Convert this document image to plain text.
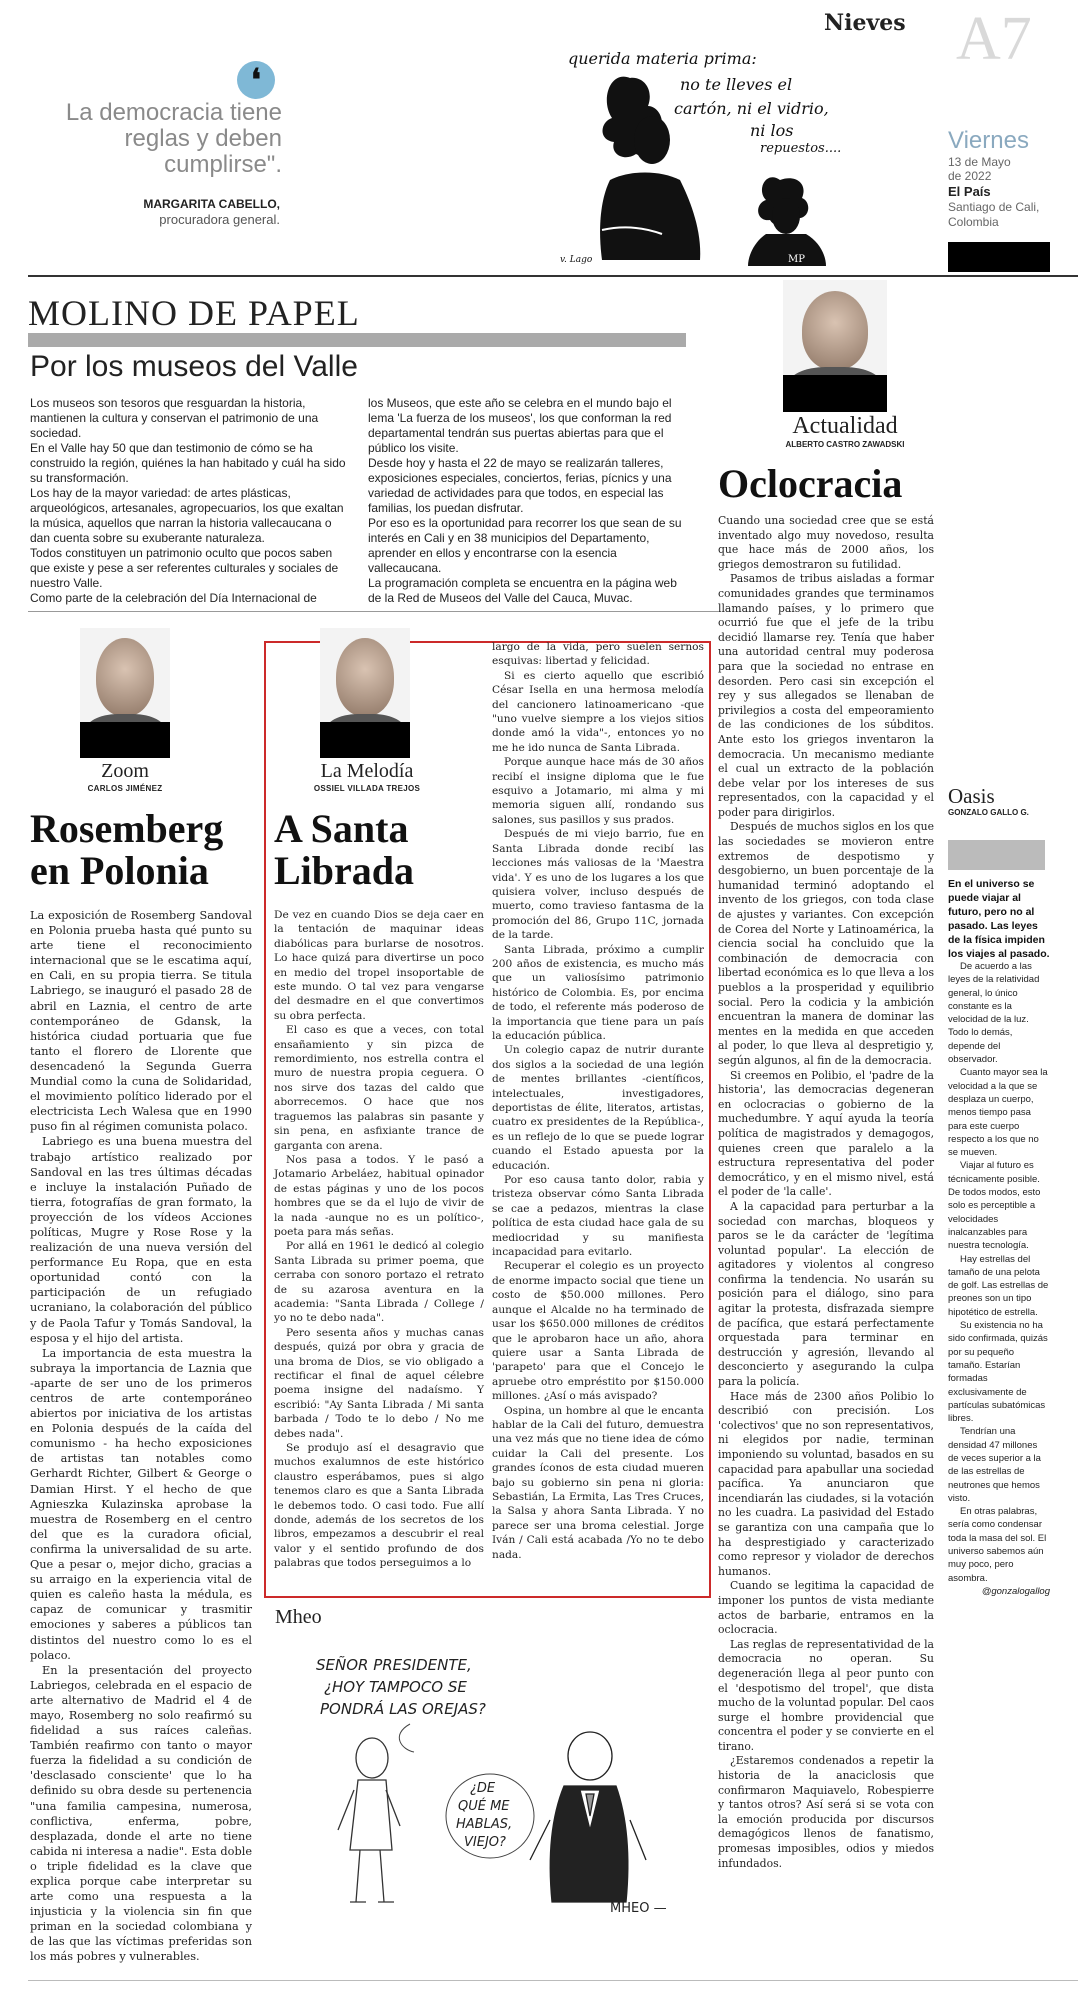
❛
La democracia tiene reglas y deben cumplirse".
MARGARITA CABELLO,
procuradora general.
querida materia prima:
no te lleves el
cartón, ni el vidrio,
ni los
repuestos....
v. Lago	MP
Nieves A7
Viernes
13 de Mayo
de 2022
El País
Santiago de Cali,
Colombia
MOLINO DE PAPEL
Por los museos del Valle

Los museos son tesoros que resguardan la historia, mantienen la cultura y conservan el patrimonio de una sociedad.

En el Valle hay 50 que dan testimonio de cómo se ha construido la región, quiénes la han habitado y cuál ha sido su transformación.

Los hay de la mayor variedad: de artes plásticas, arqueológicos, artesanales, agropecuarios, los que exaltan la música, aquellos que narran la historia vallecaucana o dan cuenta sobre su exuberante naturaleza.

Todos constituyen un patrimonio oculto que pocos saben que existe y pese a ser referentes culturales y sociales de nuestro Valle.

Como parte de la celebración del Día Internacional de

los Museos, que este año se celebra en el mundo bajo el lema 'La fuerza de los museos', los que conforman la red departamental tendrán sus puertas abiertas para que el público los visite.

Desde hoy y hasta el 22 de mayo se realizarán talleres, exposiciones especiales, conciertos, ferias, pícnics y una variedad de actividades para que todos, en especial las familias, los puedan disfrutar.

Por eso es la oportunidad para recorrer los que sean de su interés en Cali y en 38 municipios del Departamento, aprender en ellos y encontrarse con la esencia vallecaucana.

La programación completa se encuentra en la página web de la Red de Museos del Valle del Cauca, Muvac.

Zoom
CARLOS JIMÉNEZ
Rosemberg
en Polonia

La exposición de Rosemberg Sandoval en Polonia prueba hasta qué punto su arte tiene el reconocimiento internacional que se le escatima aquí, en Cali, en su propia tierra. Se titula Labriego, se inauguró el pasado 28 de abril en Laznia, el centro de arte contemporáneo de Gdansk, la histórica ciudad portuaria que fue tanto el florero de Llorente que desencadenó la Segunda Guerra Mundial como la cuna de Solidaridad, el movimiento político liderado por el electricista Lech Walesa que en 1990 puso fin al régimen comunista polaco.

Labriego es una buena muestra del trabajo artístico realizado por Sandoval en las tres últimas décadas e incluye la instalación Puñado de tierra, fotografías de gran formato, la proyección de los vídeos Acciones políticas, Mugre y Rose Rose y la realización de una nueva versión del performance Eu Ropa, que en esta oportunidad contó con la participación de un refugiado ucraniano, la colaboración del público y de Paola Tafur y Tomás Sandoval, la esposa y el hijo del artista.

La importancia de esta muestra la subraya la importancia de Laznia que -aparte de ser uno de los primeros centros de arte contemporáneo abiertos por iniciativa de los artistas en Polonia después de la caída del comunismo - ha hecho exposiciones de artistas tan notables como Gerhardt Richter, Gilbert & George o Damian Hirst. Y el hecho de que Agnieszka Kulazinska aprobase la muestra de Rosemberg en el centro del que es la curadora oficial, confirma la universalidad de su arte. Que a pesar o, mejor dicho, gracias a su arraigo en la experiencia vital de quien es caleño hasta la médula, es capaz de comunicar y trasmitir emociones y saberes a públicos tan distintos del nuestro como lo es el polaco.

En la presentación del proyecto Labriegos, celebrada en el espacio de arte alternativo de Madrid el 4 de mayo, Rosemberg no solo reafirmó su fidelidad a sus raíces caleñas. También reafirmo con tanto o mayor fuerza la fidelidad a su condición de 'desclasado consciente' que lo ha definido su obra desde su pertenencia "una familia campesina, numerosa, conflictiva, enferma, pobre, desplazada, donde el arte no tiene cabida ni interesa a nadie". Esta doble o triple fidelidad es la clave que explica porque cabe interpretar su arte como una respuesta a la injusticia y la violencia sin fin que priman en la sociedad colombiana y de las que las víctimas preferidas son los más pobres y vulnerables.

La Melodía
OSSIEL VILLADA TREJOS
A Santa
Librada

De vez en cuando Dios se deja caer en la tentación de maquinar ideas diabólicas para burlarse de nosotros. Lo hace quizá para divertirse un poco en medio del tropel insoportable de este mundo. O tal vez para vengarse del desmadre en el que convertimos su obra perfecta.

El caso es que a veces, con total ensañamiento y sin pizca de remordimiento, nos estrella contra el muro de nuestra propia ceguera. O nos sirve dos tazas del caldo que aborrecemos. O hace que nos traguemos las palabras sin pasante y sin pena, en asfixiante trance de garganta con arena.

Nos pasa a todos. Y le pasó a Jotamario Arbeláez, habitual opinador de estas páginas y uno de los pocos hombres que se da el lujo de vivir de la nada -aunque no es un político-, poeta para más señas.

Por allá en 1961 le dedicó al colegio Santa Librada su primer poema, que cerraba con sonoro portazo el retrato de su azarosa aventura en la academia: "Santa Librada / College / yo no te debo nada".

Pero sesenta años y muchas canas después, quizá por obra y gracia de una broma de Dios, se vio obligado a rectificar el final de aquel célebre poema insigne del nadaísmo. Y escribió: "Ay Santa Librada / Mi santa barbada / Todo te lo debo / No me debes nada".

Se produjo así el desagravio que muchos exalumnos de este histórico claustro esperábamos, pues si algo tenemos claro es que a Santa Librada le debemos todo. O casi todo. Fue allí donde, además de los secretos de los libros, empezamos a descubrir el real valor y el sentido profundo de dos palabras que todos perseguimos a lo

largo de la vida, pero suelen sernos esquivas: libertad y felicidad.

Si es cierto aquello que escribió César Isella en una hermosa melodía del cancionero latinoamericano -que "uno vuelve siempre a los viejos sitios donde amó la vida"-, entonces yo no me he ido nunca de Santa Librada.

Porque aunque hace más de 30 años recibí el insigne diploma que le fue esquivo a Jotamario, mi alma y mi memoria siguen allí, rondando sus salones, sus pasillos y sus prados.

Después de mi viejo barrio, fue en Santa Librada donde recibí las lecciones más valiosas de la 'Maestra vida'. Y es uno de los lugares a los que quisiera volver, incluso después de muerto, como travieso fantasma de la promoción del 86, Grupo 11C, jornada de la tarde.

Santa Librada, próximo a cumplir 200 años de existencia, es mucho más que un valiosísimo patrimonio histórico de Colombia. Es, por encima de todo, el referente más poderoso de la importancia que tiene para un país la educación pública.

Un colegio capaz de nutrir durante dos siglos a la sociedad de una legión de mentes brillantes -científicos, intelectuales, investigadores, deportistas de élite, literatos, artistas, cuatro ex presidentes de la República-, es un reflejo de lo que se puede lograr cuando el Estado apuesta por la educación.

Por eso causa tanto dolor, rabia y tristeza observar cómo Santa Librada se cae a pedazos, mientras la clase política de esta ciudad hace gala de su mediocridad y su manifiesta incapacidad para evitarlo.

Recuperar el colegio es un proyecto de enorme impacto social que tiene un costo de $50.000 millones. Pero aunque el Alcalde no ha terminado de usar los $650.000 millones de créditos que le aprobaron hace un año, ahora quiere usar a Santa Librada de 'parapeto' para que el Concejo le apruebe otro empréstito por $150.000 millones. ¿Así o más avispado?

Ospina, un hombre al que le encanta hablar de la Cali del futuro, demuestra una vez más que no tiene idea de cómo cuidar la Cali del presente. Los grandes íconos de esta ciudad mueren bajo su gobierno sin pena ni gloria: Sebastián, La Ermita, Las Tres Cruces, la Salsa y ahora Santa Librada. Y no parece ser una broma celestial. Jorge Iván / Cali está acabada /Yo no te debo nada.

Mheo
SEÑOR PRESIDENTE,
¿HOY TAMPOCO SE
PONDRÁ LAS OREJAS?
¿DE
QUÉ ME
HABLAS,
VIEJO?
MHEO —
Actualidad
ALBERTO CASTRO ZAWADSKI
Oclocracia

Cuando una sociedad cree que se está inventado algo muy novedoso, resulta que hace más de 2000 años, los griegos demostraron su futilidad.

Pasamos de tribus aisladas a formar comunidades grandes que terminamos llamando países, y lo primero que ocurrió fue que el jefe de la tribu decidió llamarse rey. Tenía que haber una autoridad central muy poderosa para que la sociedad no entrase en desorden. Pero casi sin excepción el rey y sus allegados se llenaban de privilegios a costa del empeoramiento de las condiciones de los súbditos. Ante esto los griegos inventaron la democracia. Un mecanismo mediante el cual un extracto de la población debe velar por los intereses de sus representados, con la capacidad y el poder para dirigirlos.

Después de muchos siglos en los que las sociedades se movieron entre extremos de despotismo y desgobierno, un buen porcentaje de la humanidad terminó adoptando el invento de los griegos, con toda clase de ajustes y variantes. Con excepción de Corea del Norte y Latinoamérica, la ciencia social ha concluido que la combinación de democracia con libertad económica es lo que lleva a los pueblos a la prosperidad y equilibrio social. Pero la codicia y la ambición encuentran la manera de dominar las mentes en la medida en que acceden al poder, lo que lleva al despretigio y, según algunos, al fin de la democracia.

Si creemos en Polibio, el 'padre de la historia', las democracias degeneran en oclocracias o gobierno de la muchedumbre. Y aquí ayuda la teoría política de magistrados y demagogos, quienes creen que paralelo a la estructura representativa del poder democrático, y en el mismo nivel, está el poder de 'la calle'.

A la capacidad para perturbar a la sociedad con marchas, bloqueos y paros se le da carácter de 'legítima voluntad popular'. La elección de agitadores y violentos al congreso confirma la tendencia. No usarán su posición para el diálogo, sino para agitar la protesta, disfrazada siempre de pacífica, que estará perfectamente orquestada para terminar en destrucción y agresión, llevando al desconcierto y asegurando la culpa para la policía.

Hace más de 2300 años Polibio lo describió con precisión. Los 'colectivos' que no son representativos, ni elegidos por nadie, terminan imponiendo su voluntad, basados en su capacidad para apabullar una sociedad pacífica. Ya anunciaron que incendiarán las ciudades, si la votación no les cuadra. La pasividad del Estado se garantiza con una campaña que lo ha desprestigiado y caracterizado como represor y violador de derechos humanos.

Cuando se legitima la capacidad de imponer los puntos de vista mediante actos de barbarie, entramos en la oclocracia.

Las reglas de representatividad de la democracia no operan. Su degeneración llega al peor punto con el 'despotismo del tropel', que dista mucho de la voluntad popular. Del caos surge el hombre providencial que concentra el poder y se convierte en el tirano.

¿Estaremos condenados a repetir la historia de la anaciclosis que confirmaron Maquiavelo, Robespierre y tantos otros? Así será si se vota con la emoción producida por discursos demagógicos llenos de fanatismo, promesas imposibles, odios y miedos infundados.

Oasis
GONZALO GALLO G.
En el universo se puede viajar al futuro, pero no al pasado. Las leyes de la física impiden los viajes al pasado.

De acuerdo a las leyes de la relatividad general, lo único constante es la velocidad de la luz. Todo lo demás, depende del observador.

Cuanto mayor sea la velocidad a la que se desplaza un cuerpo, menos tiempo pasa para este cuerpo respecto a los que no se mueven.

Viajar al futuro es técnicamente posible. De todos modos, esto solo es perceptible a velocidades inalcanzables para nuestra tecnología.

Hay estrellas del tamaño de una pelota de golf. Las estrellas de preones son un tipo hipotético de estrella.

Su existencia no ha sido confirmada, quizás por su pequeño tamaño. Estarían formadas exclusivamente de partículas subatómicas libres.

Tendrían una densidad 47 millones de veces superior a la de las estrellas de neutrones que hemos visto.

En otras palabras, sería como condensar toda la masa del sol. El universo sabemos aún muy poco, pero asombra.

@gonzalogallog
